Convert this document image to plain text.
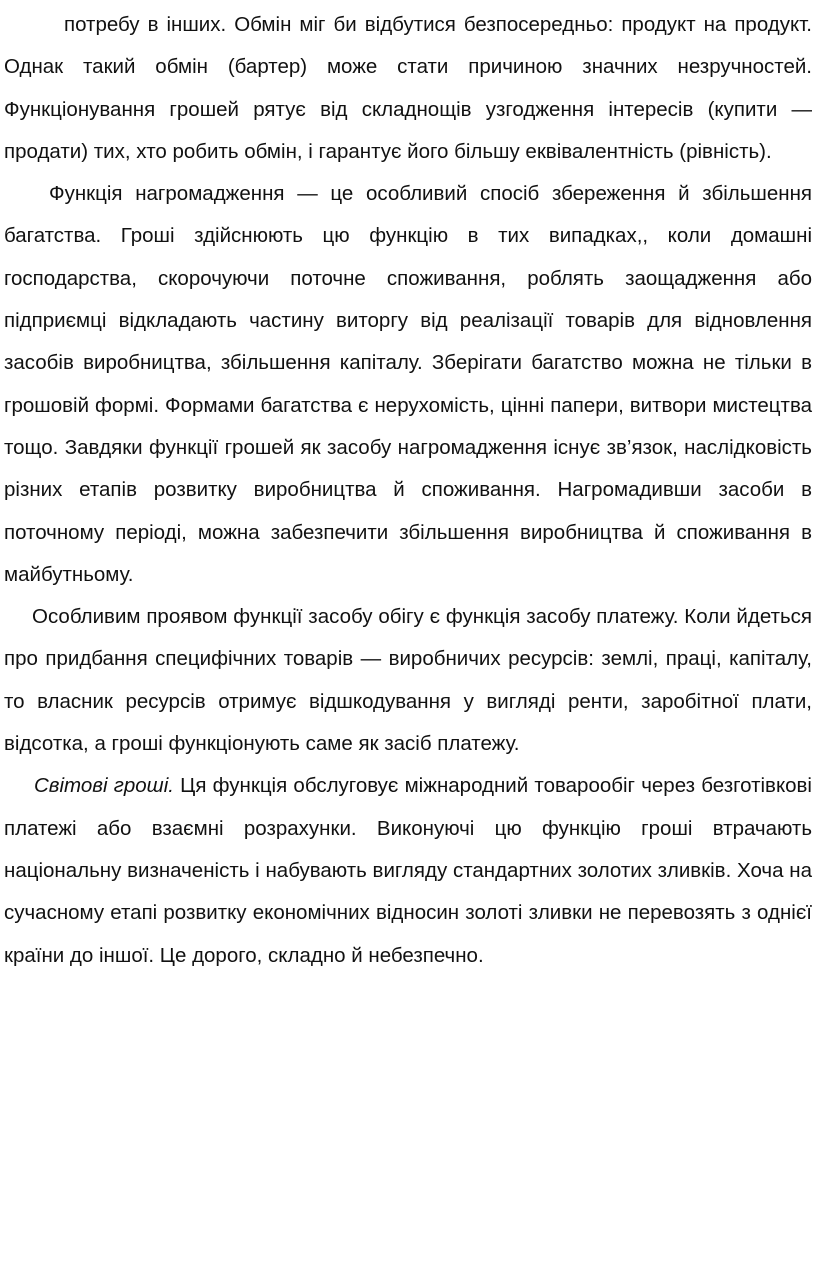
потребу в інших. Обмін міг би відбутися безпосередньо: продукт на продукт. Однак такий обмін (бартер) може стати причиною значних незручностей. Функціонування грошей рятує від складнощів узгодження інтересів (купити — продати) тих, хто робить обмін, і гарантує його більшу еквівалентність (рівність).

Функція нагромадження — це особливий спосіб збереження й збільшення багатства. Гроші здійснюють цю функцію в тих випадках,, коли домашні господарства, скорочуючи поточне споживання, роблять заощадження або підприємці відкладають частину виторгу від реалізації товарів для відновлення засобів виробництва, збільшення капіталу. Зберігати багатство можна не тільки в грошовій формі. Формами багатства є нерухомість, цінні папери, витвори мистецтва тощо. Завдяки функції грошей як засобу нагромадження існує зв’язок, наслідковість різних етапів розвитку виробництва й споживання. Нагромадивши засоби в поточному періоді, можна забезпечити збільшення виробництва й споживання в майбутньому.

Особливим проявом функції засобу обігу є функція засобу платежу. Коли йдеться про придбання специфічних товарів — виробничих ресурсів: землі, праці, капіталу, то власник ресурсів отримує відшкодування у вигляді ренти, заробітної плати, відсотка, а гроші функціонують саме як засіб платежу.

Світові гроші. Ця функція обслуговує міжнародний товарообіг через безготівкові платежі або взаємні розрахунки. Виконуючі цю функцію гроші втрачають національну визначеність і набувають вигляду стандартних золотих зливків. Хоча на сучасному етапі розвитку економічних відносин золоті зливки не перевозять з однієї країни до іншої. Це дорого, складно й небезпечно.
